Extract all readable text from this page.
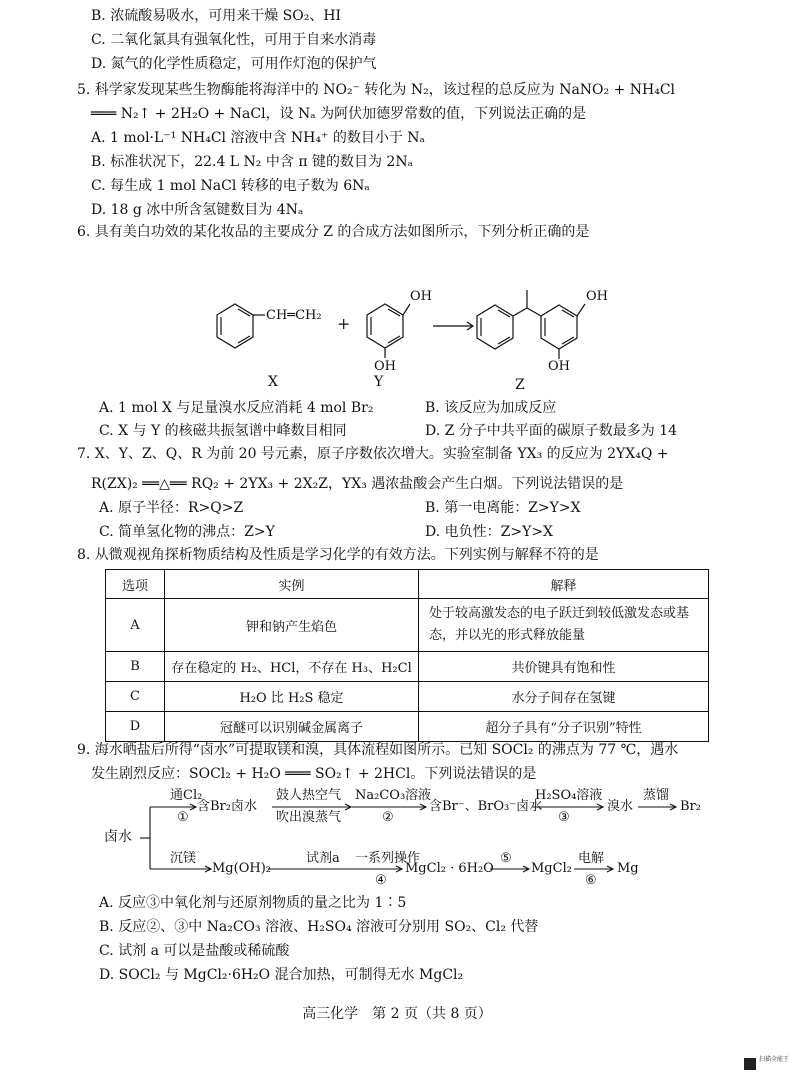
B. 浓硫酸易吸水，可用来干燥 SO₂、HI
C. 二氧化氯具有强氧化性，可用于自来水消毒
D. 氮气的化学性质稳定，可用作灯泡的保护气
5. 科学家发现某些生物酶能将海洋中的 NO₂⁻ 转化为 N₂，该过程的总反应为 NaNO₂ + NH₄Cl
═══ N₂↑ + 2H₂O + NaCl，设 Nₐ 为阿伏加德罗常数的值，下列说法正确的是
A. 1 mol·L⁻¹ NH₄Cl 溶液中含 NH₄⁺ 的数目小于 Nₐ
B. 标准状况下，22.4 L N₂ 中含 π 键的数目为 2Nₐ
C. 每生成 1 mol NaCl 转移的电子数为 6Nₐ
D. 18 g 冰中所含氢键数目为 4Nₐ
6. 具有美白功效的某化妆品的主要成分 Z 的合成方法如图所示，下列分析正确的是
CH═CH₂ +
OH
OH
OH
OH
X	Y	Z
A. 1 mol X 与足量溴水反应消耗 4 mol Br₂	B. 该反应为加成反应
C. X 与 Y 的核磁共振氢谱中峰数目相同	D. Z 分子中共平面的碳原子数最多为 14
7. X、Y、Z、Q、R 为前 20 号元素，原子序数依次增大。实验室制备 YX₃ 的反应为 2YX₄Q +
R(ZX)₂ ══△══ RQ₂ + 2YX₃ + 2X₂Z，YX₃ 遇浓盐酸会产生白烟。下列说法错误的是
A. 原子半径：R>Q>Z	B. 第一电离能：Z>Y>X
C. 简单氢化物的沸点：Z>Y	D. 电负性：Z>Y>X
8. 从微观视角探析物质结构及性质是学习化学的有效方法。下列实例与解释不符的是
选项	实例	解释
A	钾和钠产生焰色	处于较高激发态的电子跃迁到较低激发态或基态，并以光的形式释放能量
B	存在稳定的 H₂、HCl，不存在 H₃、H₂Cl	共价键具有饱和性
C	H₂O 比 H₂S 稳定	水分子间存在氢键
D	冠醚可以识别碱金属离子	超分子具有“分子识别”特性
9. 海水晒盐后所得“卤水”可提取镁和溴，具体流程如图所示。已知 SOCl₂ 的沸点为 77 ℃，遇水
发生剧烈反应：SOCl₂ + H₂O ═══ SO₂↑ + 2HCl。下列说法错误的是
卤水
通Cl₂
①
含Br₂卤水
鼓人热空气
吹出溴蒸气
Na₂CO₃溶液
②
含Br⁻、BrO₃⁻卤水
H₂SO₄溶液
③
溴水
蒸馏
Br₂
沉镁
Mg(OH)₂
试剂a 一系列操作
④
MgCl₂ · 6H₂O
⑤
MgCl₂
电解
⑥
Mg
A. 反应③中氧化剂与还原剂物质的量之比为 1∶5
B. 反应②、③中 Na₂CO₃ 溶液、H₂SO₄ 溶液可分别用 SO₂、Cl₂ 代替
C. 试剂 a 可以是盐酸或稀硫酸
D. SOCl₂ 与 MgCl₂·6H₂O 混合加热，可制得无水 MgCl₂
高三化学　第 2 页（共 8 页）
扫描全能王
